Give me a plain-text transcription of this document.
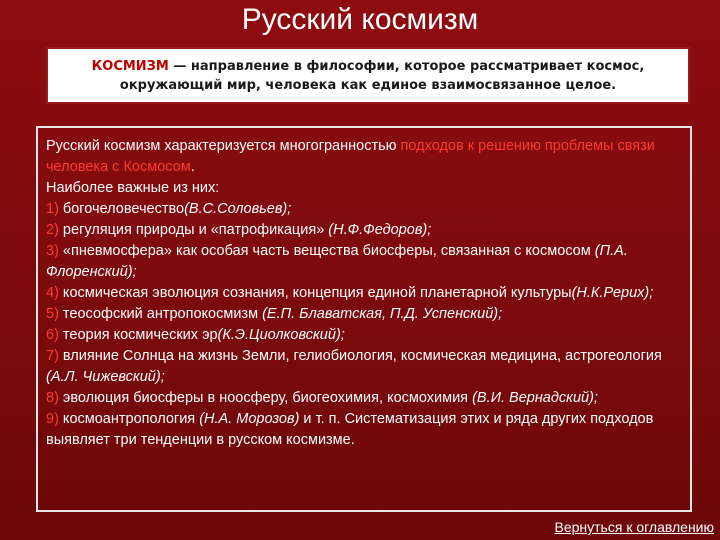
Русский космизм
КОСМИЗМ — направление в философии, которое рассматривает космос,
окружающий мир, человека как единое взаимосвязанное целое.

Русский космизм характеризуется многогранностью подходов к решению проблемы связи человека с Космосом.

Наиболее важные из них:

1) богочеловечество(В.С.Соловьев);

2) регуляция природы и «патрофикация» (Н.Ф.Федоров);

3) «пневмосфера» как особая часть вещества биосферы, связанная с космосом (П.А. Флоренский);

4) космическая эволюция сознания, концепция единой планетарной культуры(Н.К.Рерих);

5) теософский антропокосмизм (Е.П. Блаватская, П.Д. Успенский);

6) теория космических эр(К.Э.Циолковский);

7) влияние Солнца на жизнь Земли, гелиобиология, космическая медицина, астрогеология (А.Л. Чижевский);

8) эволюция биосферы в ноосферу, биогеохимия, космохимия (В.И. Вернадский);

9) космоантропология (Н.А. Морозов) и т. п. Систематизация этих и ряда других подходов выявляет три тенденции в русском космизме.

Вернуться к оглавлению
